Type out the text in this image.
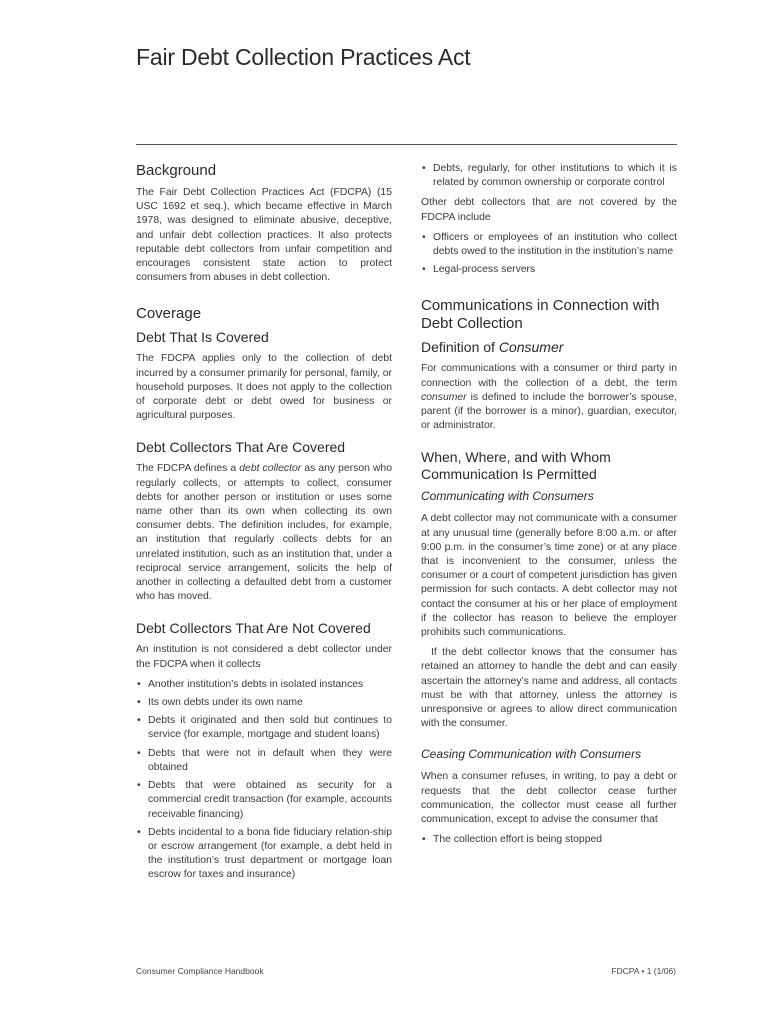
Fair Debt Collection Practices Act
Background

The Fair Debt Collection Practices Act (FDCPA) (15 USC 1692 et seq.), which became effective in March 1978, was designed to eliminate abusive, deceptive, and unfair debt collection practices. It also protects reputable debt collectors from unfair competition and encourages consistent state action to protect consumers from abuses in debt collection.

Coverage
Debt That Is Covered

The FDCPA applies only to the collection of debt incurred by a consumer primarily for personal, family, or household purposes. It does not apply to the collection of corporate debt or debt owed for business or agricultural purposes.

Debt Collectors That Are Covered

The FDCPA defines a debt collector as any person who regularly collects, or attempts to collect, consumer debts for another person or institution or uses some name other than its own when collecting its own consumer debts. The definition includes, for example, an institution that regularly collects debts for an unrelated institution, such as an institution that, under a reciprocal service arrangement, solicits the help of another in collecting a defaulted debt from a customer who has moved.

Debt Collectors That Are Not Covered

An institution is not considered a debt collector under the FDCPA when it collects

• Another institution’s debts in isolated instances
• Its own debts under its own name
• Debts it originated and then sold but continues to service (for example, mortgage and student loans)
• Debts that were not in default when they were obtained
• Debts that were obtained as security for a commercial credit transaction (for example, accounts receivable financing)
• Debts incidental to a bona fide fiduciary relation-ship or escrow arrangement (for example, a debt held in the institution’s trust department or mortgage loan escrow for taxes and insurance)
• Debts, regularly, for other institutions to which it is related by common ownership or corporate control

Other debt collectors that are not covered by the FDCPA include

• Officers or employees of an institution who collect debts owed to the institution in the institution’s name
• Legal-process servers
Communications in Connection with Debt Collection
Definition of Consumer

For communications with a consumer or third party in connection with the collection of a debt, the term consumer is defined to include the borrower’s spouse, parent (if the borrower is a minor), guardian, executor, or administrator.

When, Where, and with Whom Communication Is Permitted
Communicating with Consumers

A debt collector may not communicate with a consumer at any unusual time (generally before 8:00 a.m. or after 9:00 p.m. in the consumer’s time zone) or at any place that is inconvenient to the consumer, unless the consumer or a court of competent jurisdiction has given permission for such contacts. A debt collector may not contact the consumer at his or her place of employment if the collector has reason to believe the employer prohibits such communications.

If the debt collector knows that the consumer has retained an attorney to handle the debt and can easily ascertain the attorney’s name and address, all contacts must be with that attorney, unless the attorney is unresponsive or agrees to allow direct communication with the consumer.

Ceasing Communication with Consumers

When a consumer refuses, in writing, to pay a debt or requests that the debt collector cease further communication, the collector must cease all further communication, except to advise the consumer that

• The collection effort is being stopped
Consumer Compliance Handbook	FDCPA • 1 (1/06)
